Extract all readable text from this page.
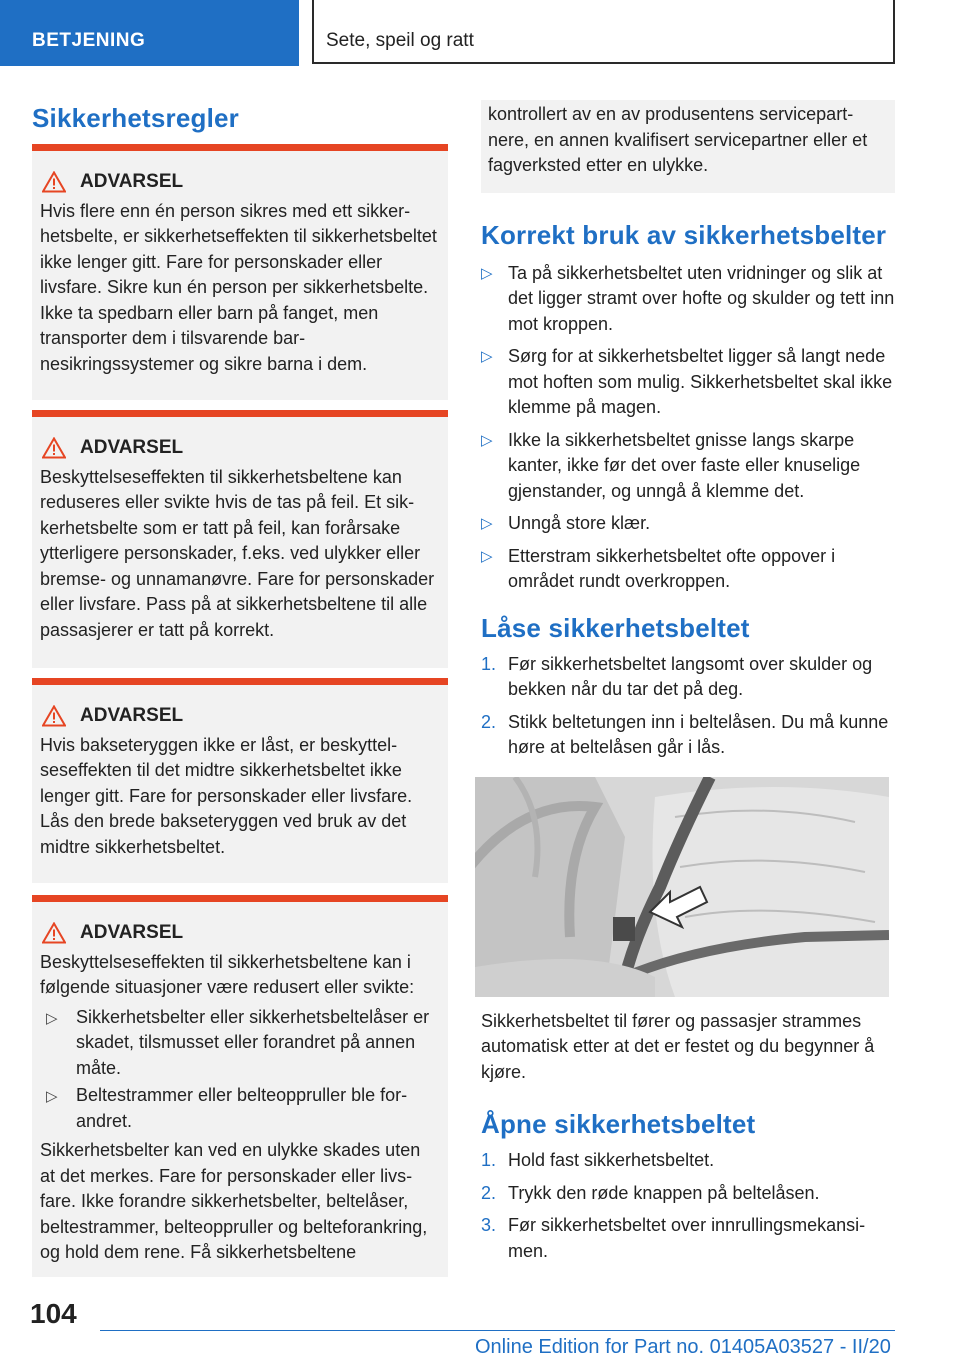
BETJENING	Sete, speil og ratt
Sikkerhetsregler
ADVARSEL

Hvis flere enn én person sikres med ett sikkerhetsbelte, er sikkerhetseffekten til sikkerhetsbeltet ikke lenger gitt. Fare for personskader eller livsfare. Sikre kun én person per sikkerhetsbelte. Ikke ta spedbarn eller barn på fanget, men transporter dem i tilsvarende barnesikringssystemer og sikre barna i dem.

ADVARSEL

Beskyttelseseffekten til sikkerhetsbeltene kan reduseres eller svikte hvis de tas på feil. Et sikkerhetsbelte som er tatt på feil, kan forårsake ytterligere personskader, f.eks. ved ulykker eller bremse- og unnamanøvre. Fare for personskader eller livsfare. Pass på at sikkerhetsbeltene til alle passasjerer er tatt på korrekt.

ADVARSEL

Hvis bakseteryggen ikke er låst, er beskyttelseseffekten til det midtre sikkerhetsbeltet ikke lenger gitt. Fare for personskader eller livsfare. Lås den brede bakseteryggen ved bruk av det midtre sikkerhetsbeltet.

ADVARSEL

Beskyttelseseffekten til sikkerhetsbeltene kan i følgende situasjoner være redusert eller svikte:

▷ Sikkerhetsbelter eller sikkerhetsbeltelåser er skadet, tilsmusset eller forandret på annen måte.
▷ Beltestrammer eller belteoppruller ble forandret.

Sikkerhetsbelter kan ved en ulykke skades uten at det merkes. Fare for personskader eller livsfare. Ikke forandre sikkerhetsbelter, beltelåser, beltestrammer, belteoppruller og belteforankring, og hold dem rene. Få sikkerhetsbeltene

kontrollert av en av produsentens servicepartnere, en annen kvalifisert servicepartner eller et fagverksted etter en ulykke.

Korrekt bruk av sikkerhetsbelter
▷ Ta på sikkerhetsbeltet uten vridninger og slik at det ligger stramt over hofte og skulder og tett inn mot kroppen.
▷ Sørg for at sikkerhetsbeltet ligger så langt nede mot hoften som mulig. Sikkerhetsbeltet skal ikke klemme på magen.
▷ Ikke la sikkerhetsbeltet gnisse langs skarpe kanter, ikke før det over faste eller knuselige gjenstander, og unngå å klemme det.
▷ Unngå store klær.
▷ Etterstram sikkerhetsbeltet ofte oppover i området rundt overkroppen.
Låse sikkerhetsbeltet
1. Før sikkerhetsbeltet langsomt over skulder og bekken når du tar det på deg.
2. Stikk beltetungen inn i beltelåsen. Du må kunne høre at beltelåsen går i lås.

Sikkerhetsbeltet til fører og passasjer strammes automatisk etter at det er festet og du begynner å kjøre.

Åpne sikkerhetsbeltet
1. Hold fast sikkerhetsbeltet.
2. Trykk den røde knappen på beltelåsen.
3. Før sikkerhetsbeltet over innrullingsmekansimen.
104
Online Edition for Part no. 01405A03527 - II/20
